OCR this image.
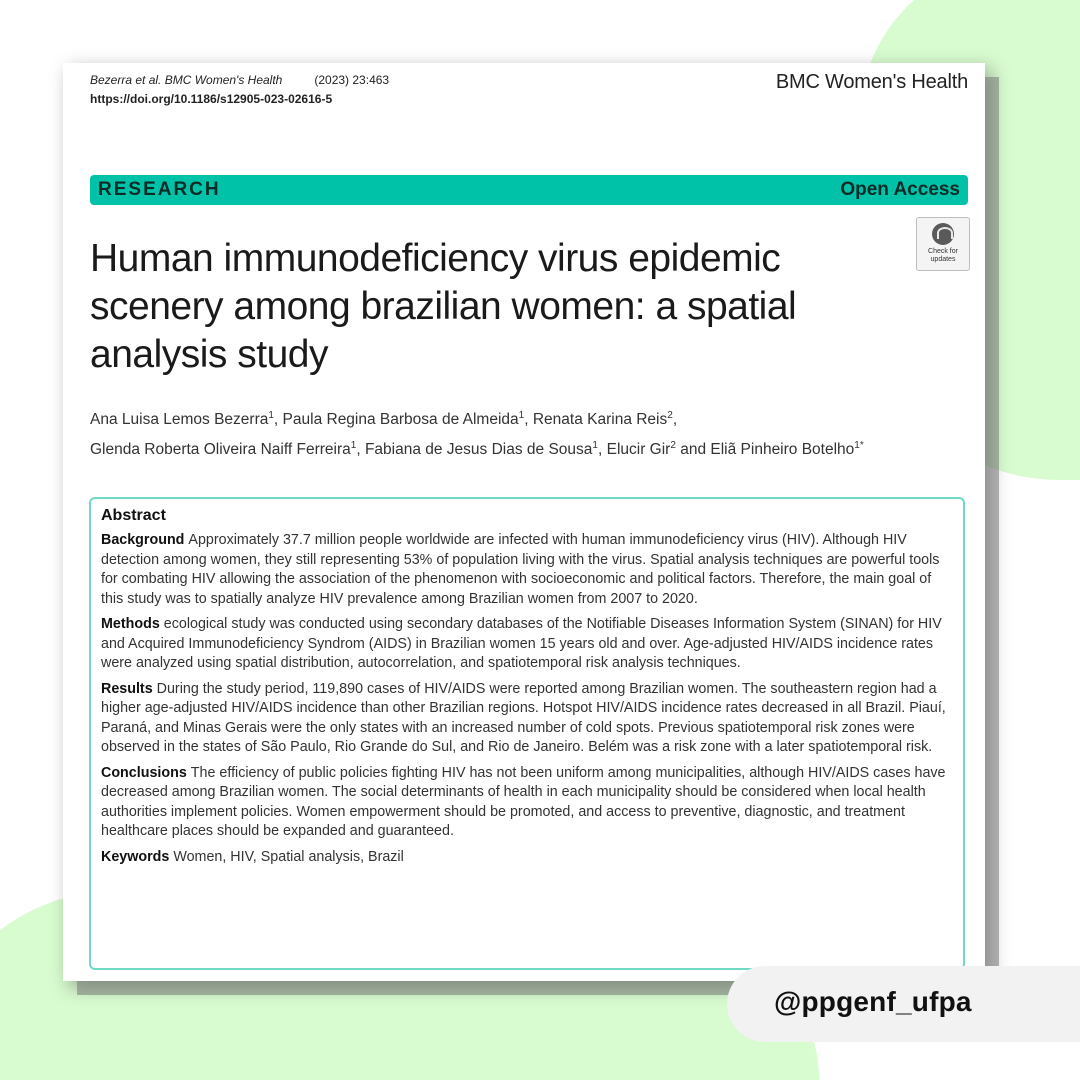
Bezerra et al. BMC Women's Health	(2023) 23:463
https://doi.org/10.1186/s12905-023-02616-5
BMC Women's Health
RESEARCH	Open Access
Check for
updates
Human immunodeficiency virus epidemic scenery among brazilian women: a spatial analysis study
Ana Luisa Lemos Bezerra$^1$, Paula Regina Barbosa de Almeida$^1$, Renata Karina Reis$^2$,
Glenda Roberta Oliveira Naiff Ferreira$^1$, Fabiana de Jesus Dias de Sousa$^1$, Elucir Gir$^2$ and Eliã Pinheiro Botelho$^{1*}$
Abstract

Background Approximately 37.7 million people worldwide are infected with human immunodeficiency virus (HIV). Although HIV detection among women, they still representing 53% of population living with the virus. Spatial analysis techniques are powerful tools for combating HIV allowing the association of the phenomenon with socioeconomic and political factors. Therefore, the main goal of this study was to spatially analyze HIV prevalence among Brazilian women from 2007 to 2020.

Methods ecological study was conducted using secondary databases of the Notifiable Diseases Information System (SINAN) for HIV and Acquired Immunodeficiency Syndrom (AIDS) in Brazilian women 15 years old and over. Age-adjusted HIV/AIDS incidence rates were analyzed using spatial distribution, autocorrelation, and spatiotemporal risk analysis techniques.

Results During the study period, 119,890 cases of HIV/AIDS were reported among Brazilian women. The southeastern region had a higher age-adjusted HIV/AIDS incidence than other Brazilian regions. Hotspot HIV/AIDS incidence rates decreased in all Brazil. Piauí, Paraná, and Minas Gerais were the only states with an increased number of cold spots. Previous spatiotemporal risk zones were observed in the states of São Paulo, Rio Grande do Sul, and Rio de Janeiro. Belém was a risk zone with a later spatiotemporal risk.

Conclusions The efficiency of public policies fighting HIV has not been uniform among municipalities, although HIV/AIDS cases have decreased among Brazilian women. The social determinants of health in each municipality should be considered when local health authorities implement policies. Women empowerment should be promoted, and access to preventive, diagnostic, and treatment healthcare places should be expanded and guaranteed.

Keywords Women, HIV, Spatial analysis, Brazil

@ppgenf_ufpa
